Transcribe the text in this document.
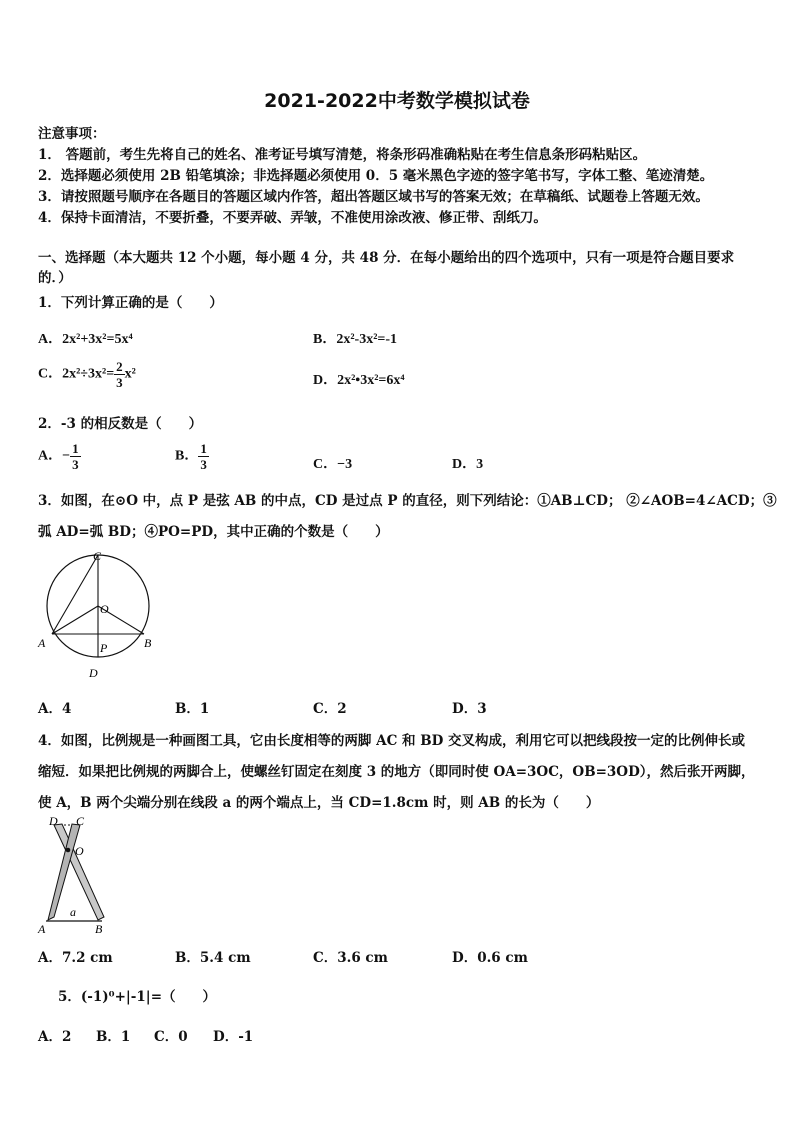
2021-2022中考数学模拟试卷
注意事项：
1． 答题前，考生先将自己的姓名、准考证号填写清楚，将条形码准确粘贴在考生信息条形码粘贴区。
2．选择题必须使用 2B 铅笔填涂；非选择题必须使用 0．5 毫米黑色字迹的签字笔书写，字体工整、笔迹清楚。
3．请按照题号顺序在各题目的答题区域内作答，超出答题区域书写的答案无效；在草稿纸、试题卷上答题无效。
4．保持卡面清洁，不要折叠，不要弄破、弄皱，不准使用涂改液、修正带、刮纸刀。
一、选择题（本大题共 12 个小题，每小题 4 分，共 48 分．在每小题给出的四个选项中，只有一项是符合题目要求
的．）
1．下列计算正确的是（　　）
A．2x²+3x²=5x⁴	B．2x²-3x²=-1
C．$2x^2\div 3x^2= \frac{2}{3} x^2$	D．2x²•3x²=6x⁴
2．-3 的相反数是（　　）
A．− $\frac{1}{3}$	B． $\frac{1}{3}$	C．−3	D．3
3．如图，在⊙O 中，点 P 是弦 AB 的中点，CD 是过点 P 的直径，则下列结论：①AB⊥CD； ②∠AOB=4∠ACD；③
弧 AD=弧 BD；④PO=PD，其中正确的个数是（　　）
C
O
A	P	B
D
A．4	B．1	C．2	D．3
4．如图，比例规是一种画图工具，它由长度相等的两脚 AC 和 BD 交叉构成，利用它可以把线段按一定的比例伸长或
缩短．如果把比例规的两脚合上，使螺丝钉固定在刻度 3 的地方（即同时使 OA=3OC，OB=3OD），然后张开两脚，
使 A，B 两个尖端分别在线段 a 的两个端点上，当 CD=1.8cm 时，则 AB 的长为（　　）
D C
O
a
A	B
A．7.2 cm	B．5.4 cm	C．3.6 cm	D．0.6 cm
5．(-1)⁰+|-1|=（　　）
A．2 B．1 C．0 D．-1
